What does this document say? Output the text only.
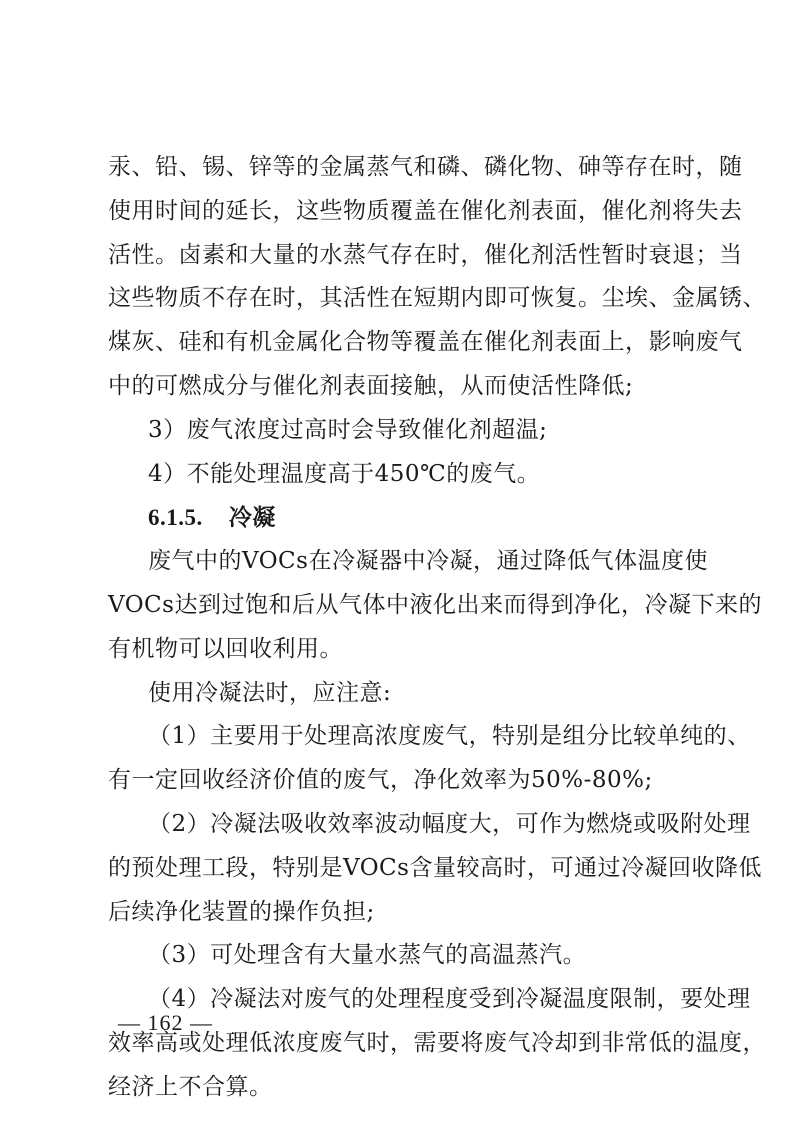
汞、铅、锡、锌等的金属蒸气和磷、磷化物、砷等存在时，随
使用时间的延长，这些物质覆盖在催化剂表面，催化剂将失去
活性。卤素和大量的水蒸气存在时，催化剂活性暂时衰退；当
这些物质不存在时，其活性在短期内即可恢复。尘埃、金属锈、
煤灰、硅和有机金属化合物等覆盖在催化剂表面上，影响废气
中的可燃成分与催化剂表面接触，从而使活性降低;
3）废气浓度过高时会导致催化剂超温;
4）不能处理温度高于450℃的废气。
6.1.5. 冷凝
废气中的VOCs在冷凝器中冷凝，通过降低气体温度使
VOCs达到过饱和后从气体中液化出来而得到净化，冷凝下来的
有机物可以回收利用。
使用冷凝法时，应注意:
（1）主要用于处理高浓度废气，特别是组分比较单纯的、
有一定回收经济价值的废气，净化效率为50%-80%;
（2）冷凝法吸收效率波动幅度大，可作为燃烧或吸附处理
的预处理工段，特别是VOCs含量较高时，可通过冷凝回收降低
后续净化装置的操作负担;
（3）可处理含有大量水蒸气的高温蒸汽。
（4）冷凝法对废气的处理程度受到冷凝温度限制，要处理
效率高或处理低浓度废气时，需要将废气冷却到非常低的温度，
经济上不合算。
— 162 —
